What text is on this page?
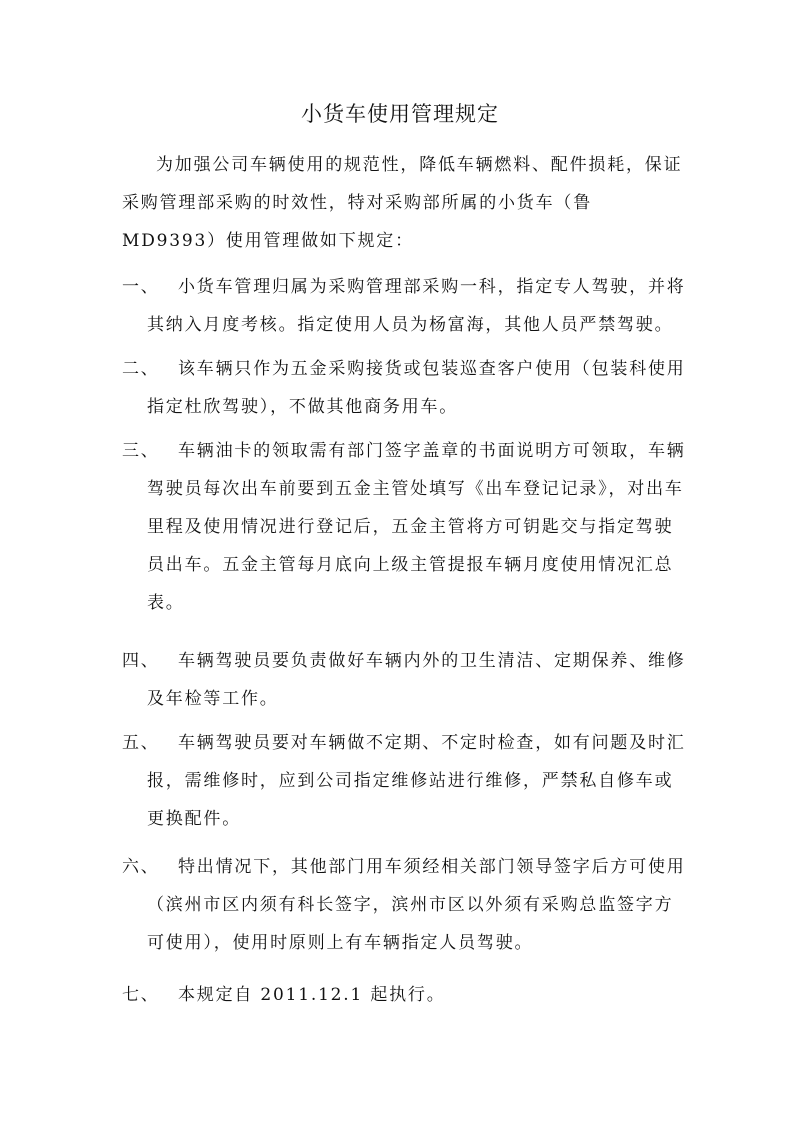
小货车使用管理规定

为加强公司车辆使用的规范性，降低车辆燃料、配件损耗，保证采购管理部采购的时效性，特对采购部所属的小货车（鲁 MD9393）使用管理做如下规定：

一、	小货车管理归属为采购管理部采购一科，指定专人驾驶，并将其纳入月度考核。指定使用人员为杨富海，其他人员严禁驾驶。
二、	该车辆只作为五金采购接货或包装巡查客户使用（包装科使用指定杜欣驾驶），不做其他商务用车。
三、	车辆油卡的领取需有部门签字盖章的书面说明方可领取，车辆驾驶员每次出车前要到五金主管处填写《出车登记记录》，对出车里程及使用情况进行登记后，五金主管将方可钥匙交与指定驾驶员出车。五金主管每月底向上级主管提报车辆月度使用情况汇总表。
四、	车辆驾驶员要负责做好车辆内外的卫生清洁、定期保养、维修及年检等工作。
五、	车辆驾驶员要对车辆做不定期、不定时检查，如有问题及时汇报，需维修时，应到公司指定维修站进行维修，严禁私自修车或更换配件。
六、	特出情况下，其他部门用车须经相关部门领导签字后方可使用（滨州市区内须有科长签字，滨州市区以外须有采购总监签字方可使用），使用时原则上有车辆指定人员驾驶。
七、	本规定自 2011.12.1 起执行。
